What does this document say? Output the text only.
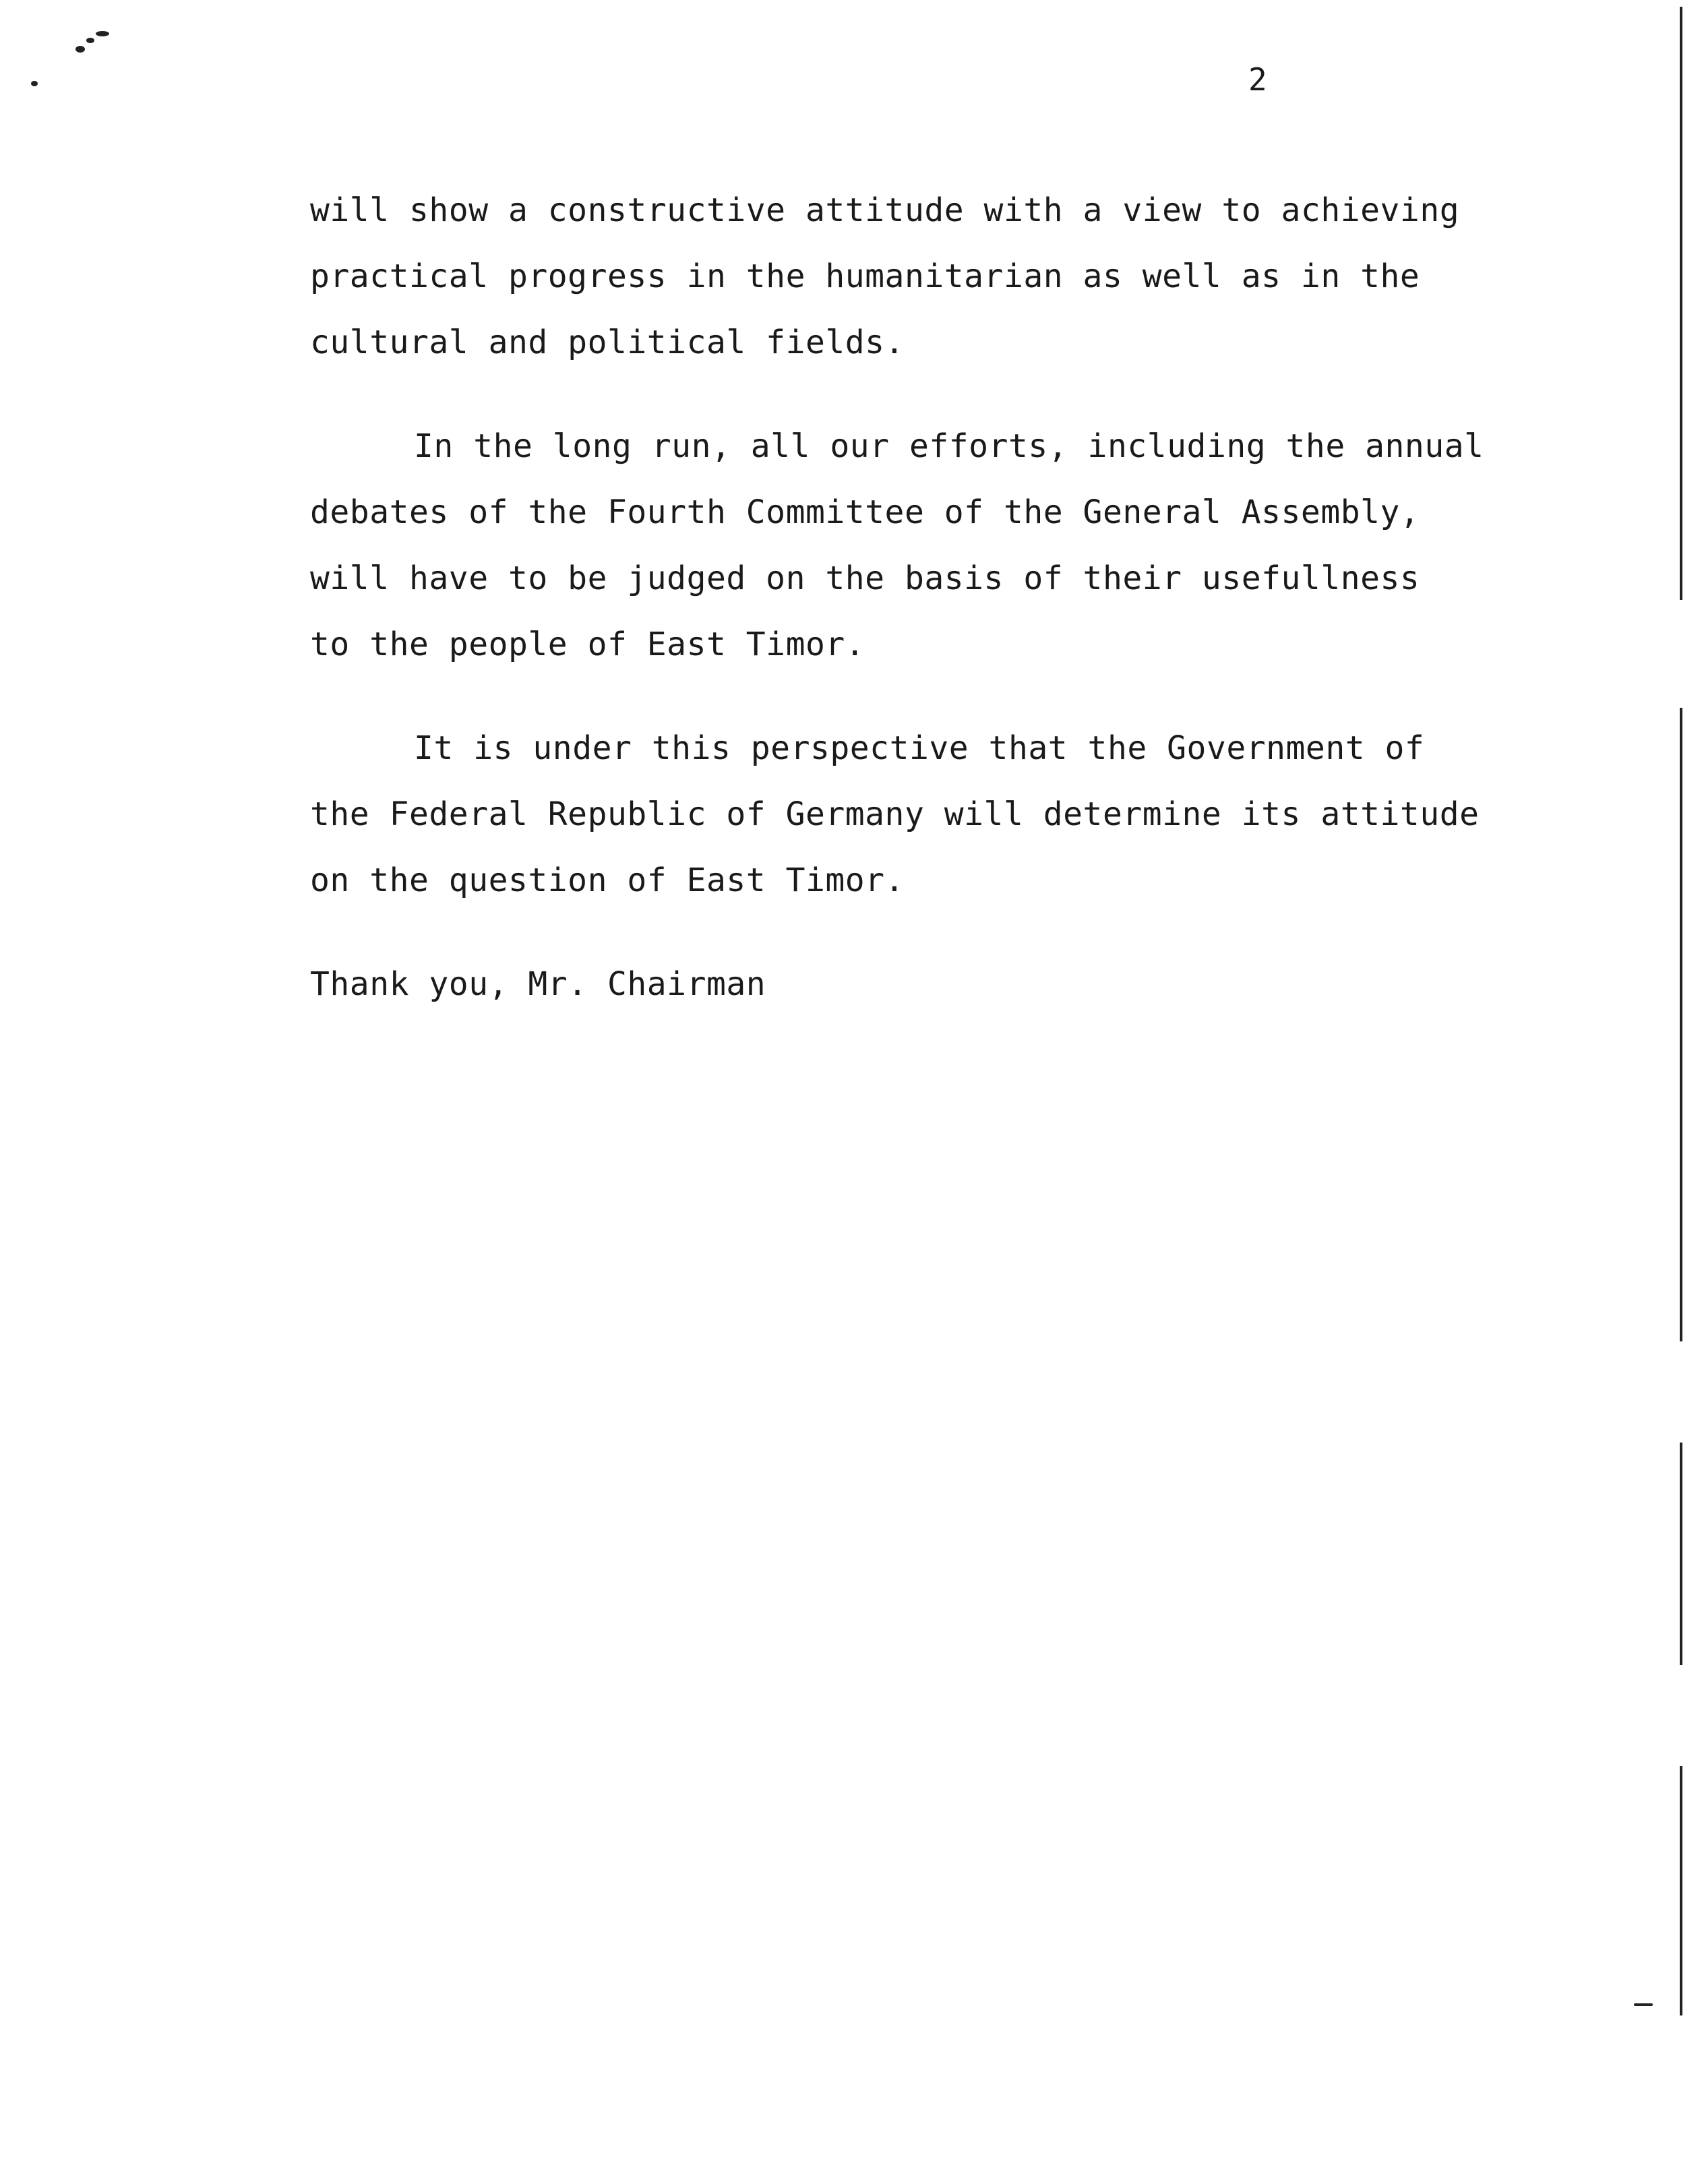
2
will show a constructive attitude with a view to achieving
practical progress in the humanitarian as well as in the
cultural and political fields.
In the long run, all our efforts, including the annual
debates of the Fourth Committee of the General Assembly,
will have to be judged on the basis of their usefullness
to the people of East Timor.
It is under this perspective that the Government of
the Federal Republic of Germany will determine its attitude
on the question of East Timor.
Thank you, Mr. Chairman
